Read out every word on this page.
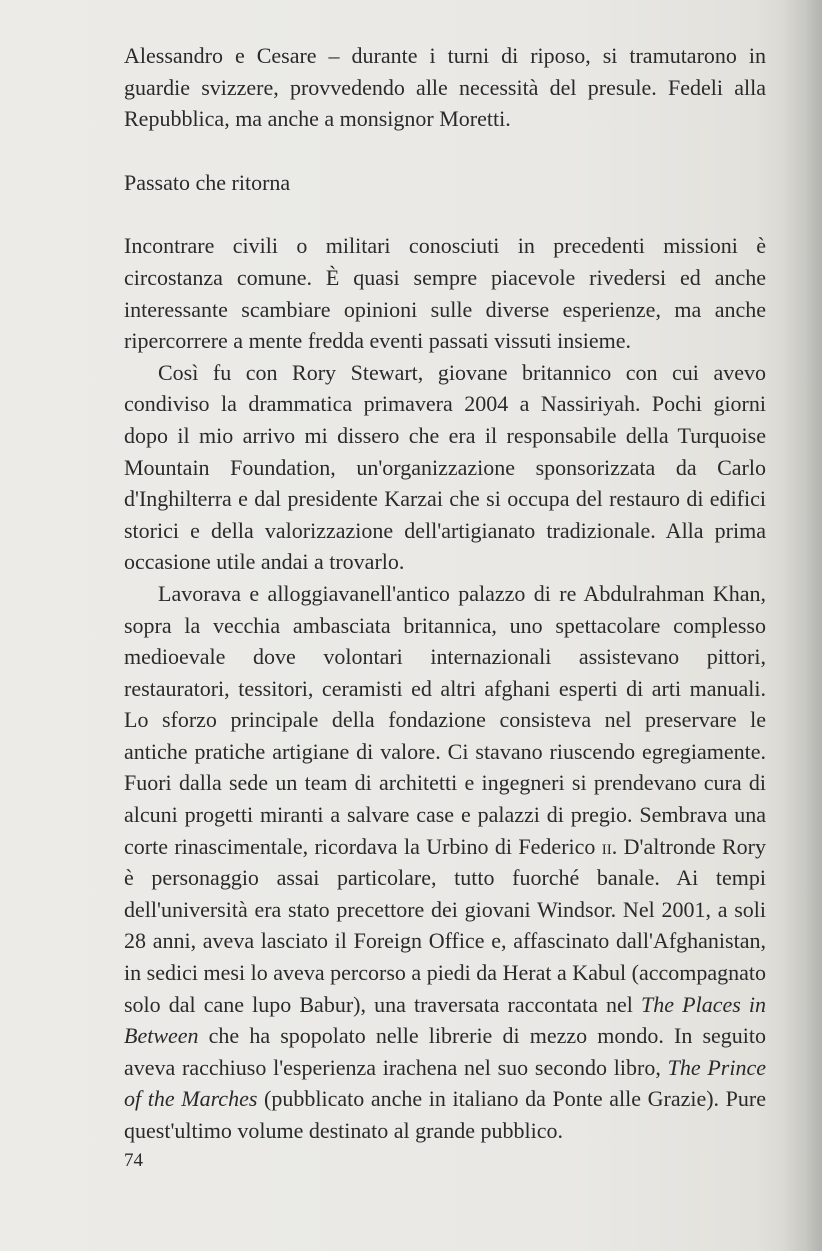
Alessandro e Cesare – durante i turni di riposo, si tramutarono in guardie svizzere, provvedendo alle necessità del presule. Fedeli alla Repubblica, ma anche a monsignor Moretti.

Passato che ritorna

Incontrare civili o militari conosciuti in precedenti missioni è circostanza comune. È quasi sempre piacevole rivedersi ed anche interessante scambiare opinioni sulle diverse esperienze, ma anche ripercorrere a mente fredda eventi passati vissuti insieme.

Così fu con Rory Stewart, giovane britannico con cui avevo condiviso la drammatica primavera 2004 a Nassiriyah. Pochi giorni dopo il mio arrivo mi dissero che era il responsabile della Turquoise Mountain Foundation, un'organizzazione sponsorizzata da Carlo d'Inghilterra e dal presidente Karzai che si occupa del restauro di edifici storici e della valorizzazione dell'artigianato tradizionale. Alla prima occasione utile andai a trovarlo.

Lavorava e alloggiavanell'antico palazzo di re Abdulrahman Khan, sopra la vecchia ambasciata britannica, uno spettacolare complesso medioevale dove volontari internazionali assistevano pittori, restauratori, tessitori, ceramisti ed altri afghani esperti di arti manuali. Lo sforzo principale della fondazione consisteva nel preservare le antiche pratiche artigiane di valore. Ci stavano riuscendo egregiamente. Fuori dalla sede un team di architetti e ingegneri si prendevano cura di alcuni progetti miranti a salvare case e palazzi di pregio. Sembrava una corte rinascimentale, ricordava la Urbino di Federico ii. D'altronde Rory è personaggio assai particolare, tutto fuorché banale. Ai tempi dell'università era stato precettore dei giovani Windsor. Nel 2001, a soli 28 anni, aveva lasciato il Foreign Office e, affascinato dall'Afghanistan, in sedici mesi lo aveva percorso a piedi da Herat a Kabul (accompagnato solo dal cane lupo Babur), una traversata raccontata nel The Places in Between che ha spopolato nelle librerie di mezzo mondo. In seguito aveva racchiuso l'esperienza irachena nel suo secondo libro, The Prince of the Marches (pubblicato anche in italiano da Ponte alle Grazie). Pure quest'ultimo volume destinato al grande pubblico.

74
